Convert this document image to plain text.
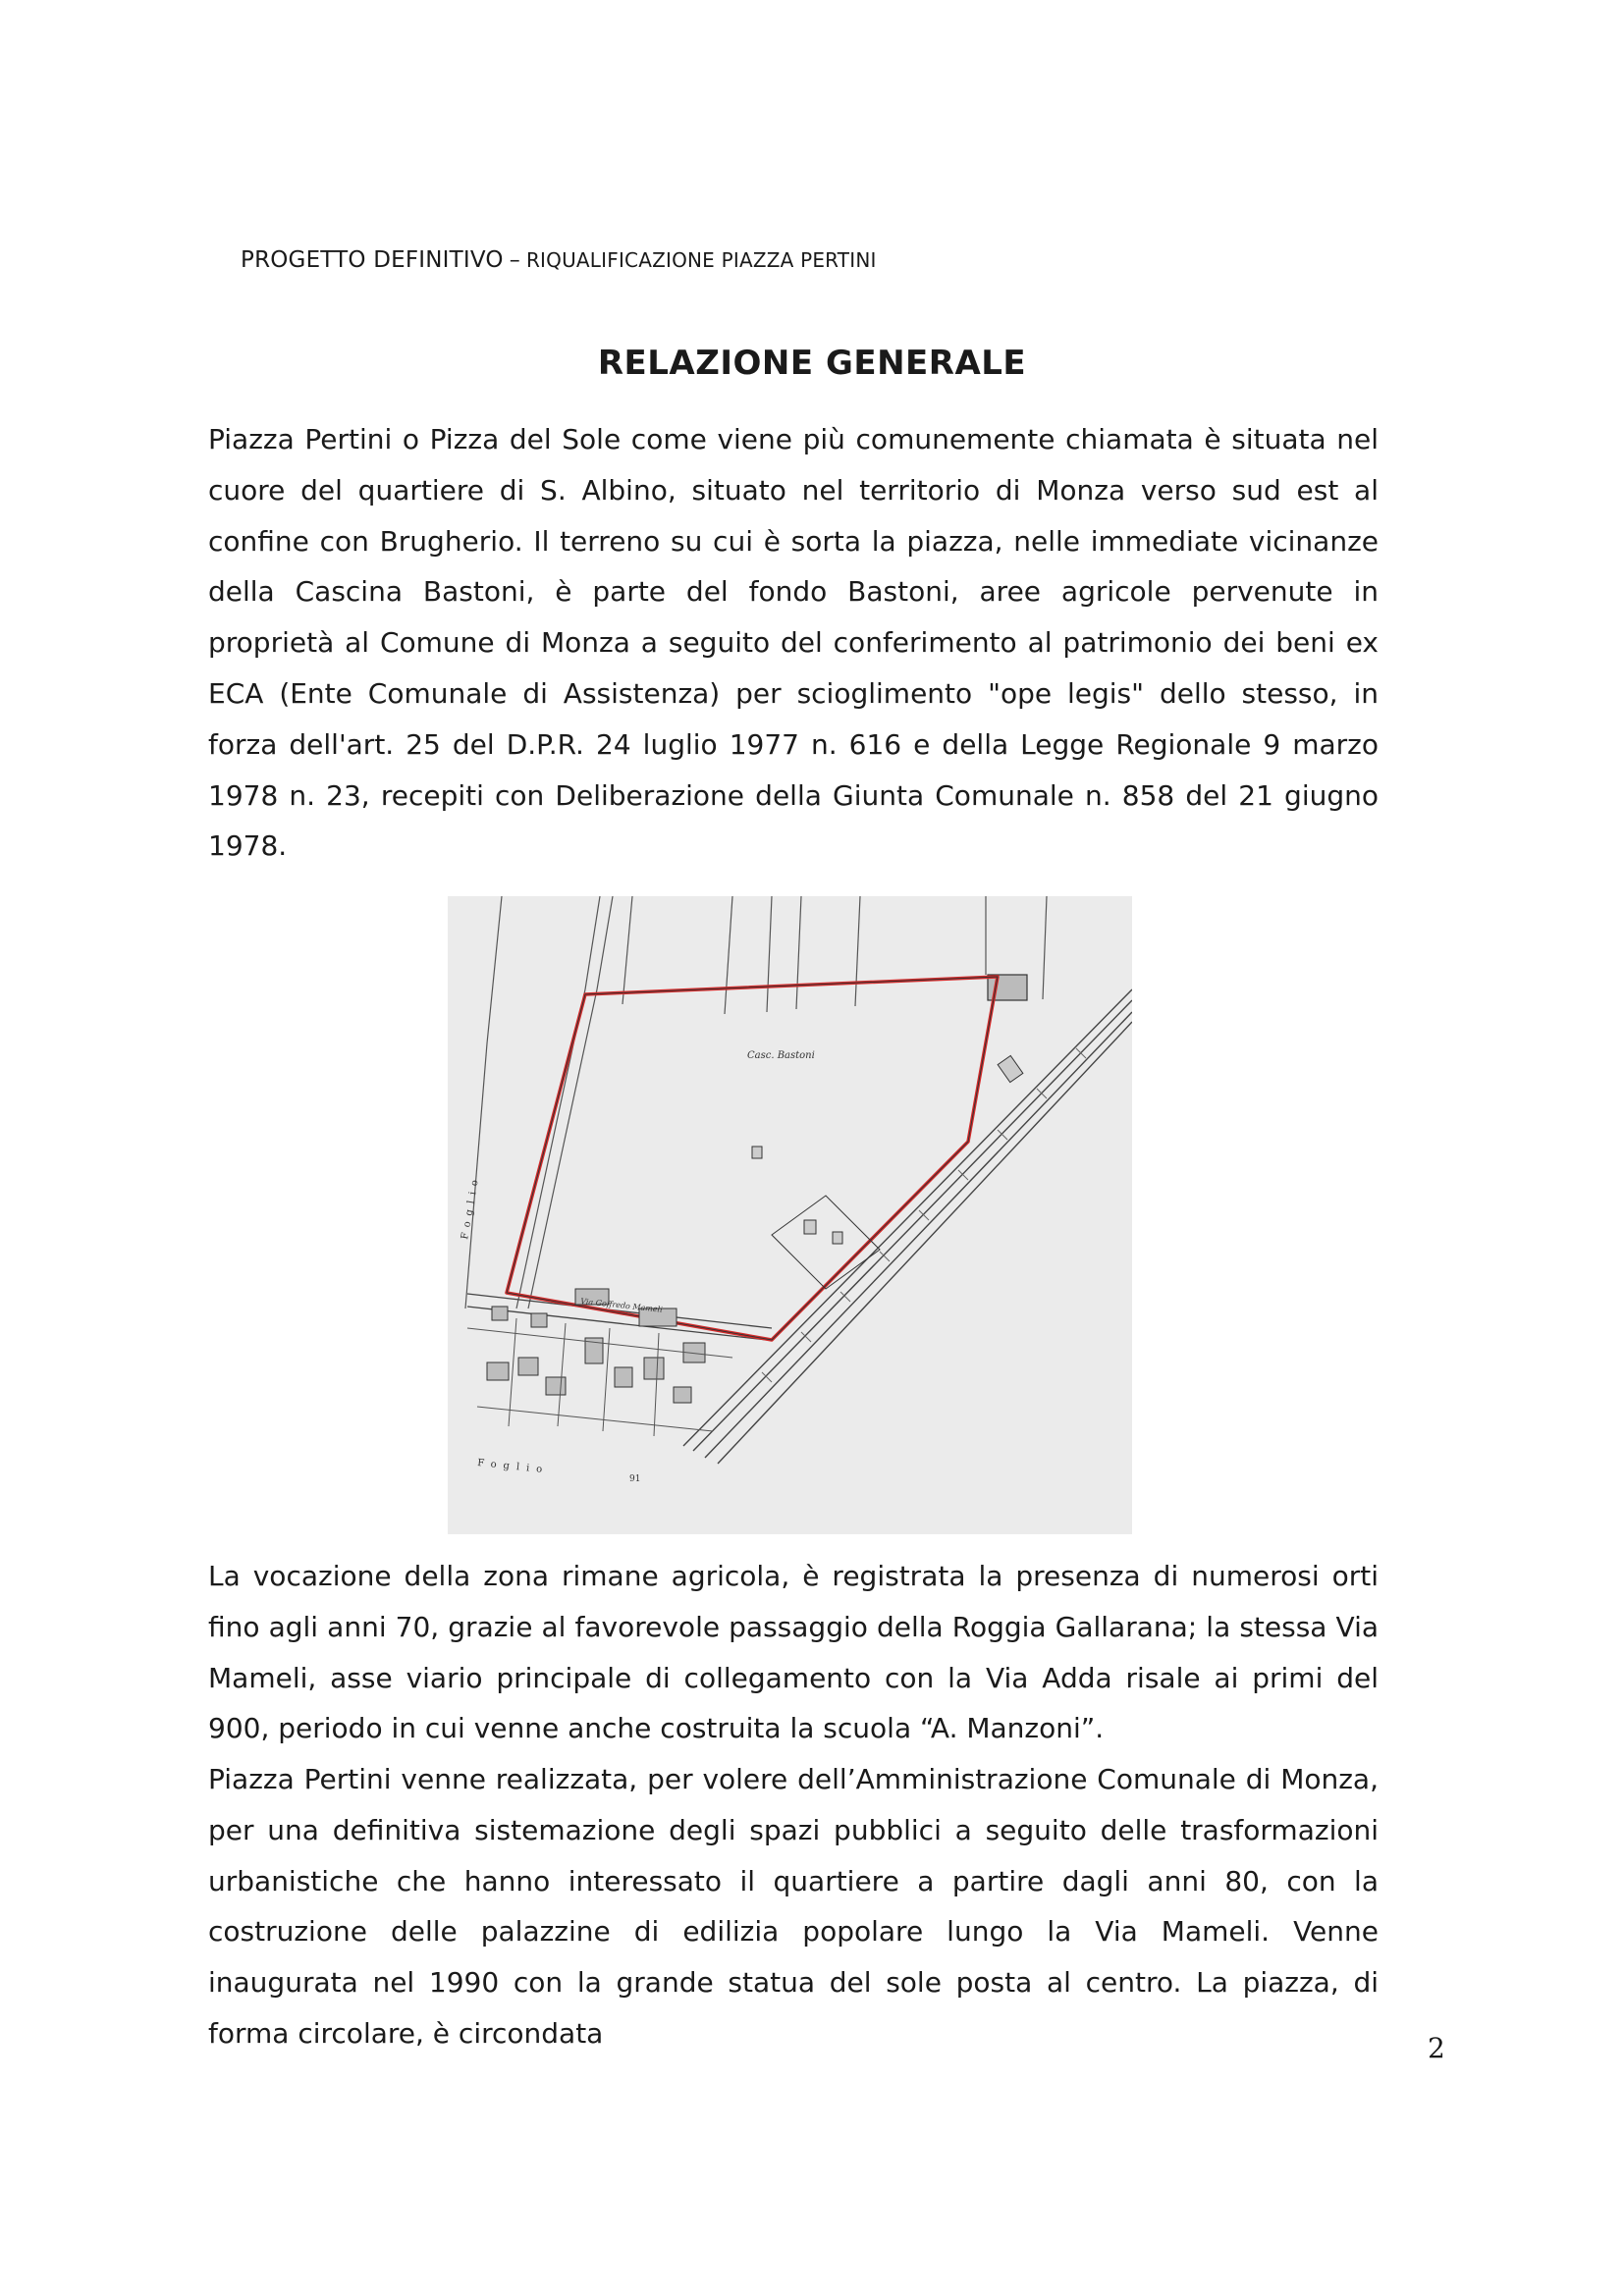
PROGETTO DEFINITIVO – RIQUALIFICAZIONE PIAZZA PERTINI
RELAZIONE GENERALE

Piazza Pertini o Pizza del Sole come viene più comunemente chiamata è situata nel cuore del quartiere di S. Albino, situato nel territorio di Monza verso sud est al confine con Brugherio. Il terreno su cui è sorta la piazza, nelle immediate vicinanze della Cascina Bastoni, è parte del fondo Bastoni, aree agricole pervenute in proprietà al Comune di Monza a seguito del conferimento al patrimonio dei beni ex ECA (Ente Comunale di Assistenza) per scioglimento "ope legis" dello stesso, in forza dell'art. 25 del D.P.R. 24 luglio 1977 n. 616 e della Legge Regionale 9 marzo 1978 n. 23, recepiti con Deliberazione della Giunta Comunale n. 858 del 21 giugno 1978.

Casc. Bastoni
Foglio
Foglio
91
Via Goffredo Mameli

La vocazione della zona rimane agricola, è registrata la presenza di numerosi orti fino agli anni 70, grazie al favorevole passaggio della Roggia Gallarana; la stessa Via Mameli, asse viario principale di collegamento con la Via Adda risale ai primi del 900, periodo in cui venne anche costruita la scuola “A. Manzoni”.

Piazza Pertini venne realizzata, per volere dell’Amministrazione Comunale di Monza, per una definitiva sistemazione degli spazi pubblici a seguito delle trasformazioni urbanistiche che hanno interessato il quartiere a partire dagli anni 80, con la costruzione delle palazzine di edilizia popolare lungo la Via Mameli. Venne inaugurata nel 1990 con la grande statua del sole posta al centro. La piazza, di forma circolare, è circondata	2
